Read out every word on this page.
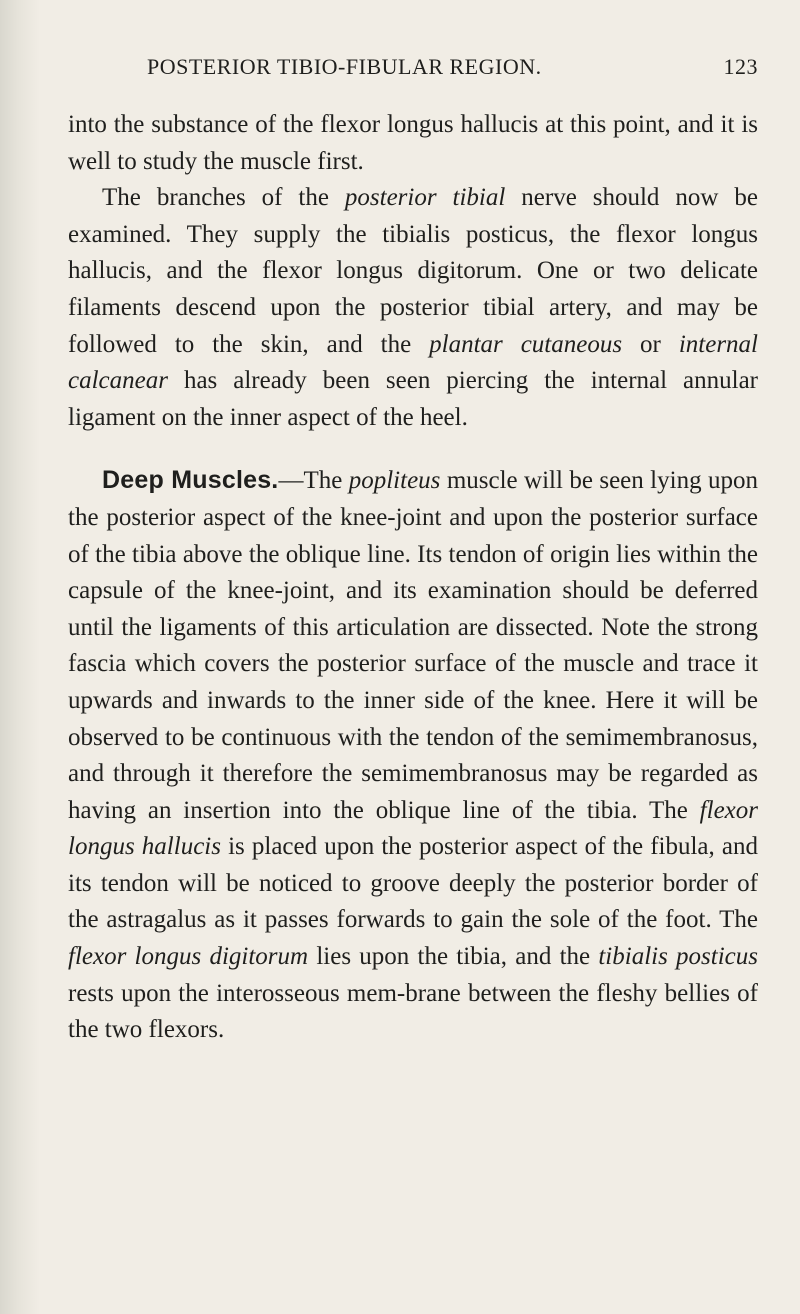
POSTERIOR TIBIO-FIBULAR REGION.	123

into the substance of the flexor longus hallucis at this point, and it is well to study the muscle first.

The branches of the posterior tibial nerve should now be examined. They supply the tibialis posticus, the flexor longus hallucis, and the flexor longus digitorum. One or two delicate filaments descend upon the posterior tibial artery, and may be followed to the skin, and the plantar cutaneous or internal calcanear has already been seen piercing the internal annular ligament on the inner aspect of the heel.

Deep Muscles.—The popliteus muscle will be seen lying upon the posterior aspect of the knee-joint and upon the posterior surface of the tibia above the oblique line. Its tendon of origin lies within the capsule of the knee-joint, and its examination should be deferred until the ligaments of this articulation are dissected. Note the strong fascia which covers the posterior surface of the muscle and trace it upwards and inwards to the inner side of the knee. Here it will be observed to be continuous with the tendon of the semimembranosus, and through it therefore the semimembranosus may be regarded as having an insertion into the oblique line of the tibia. The flexor longus hallucis is placed upon the posterior aspect of the fibula, and its tendon will be noticed to groove deeply the posterior border of the astragalus as it passes forwards to gain the sole of the foot. The flexor longus digitorum lies upon the tibia, and the tibialis posticus rests upon the interosseous mem-brane between the fleshy bellies of the two flexors.
